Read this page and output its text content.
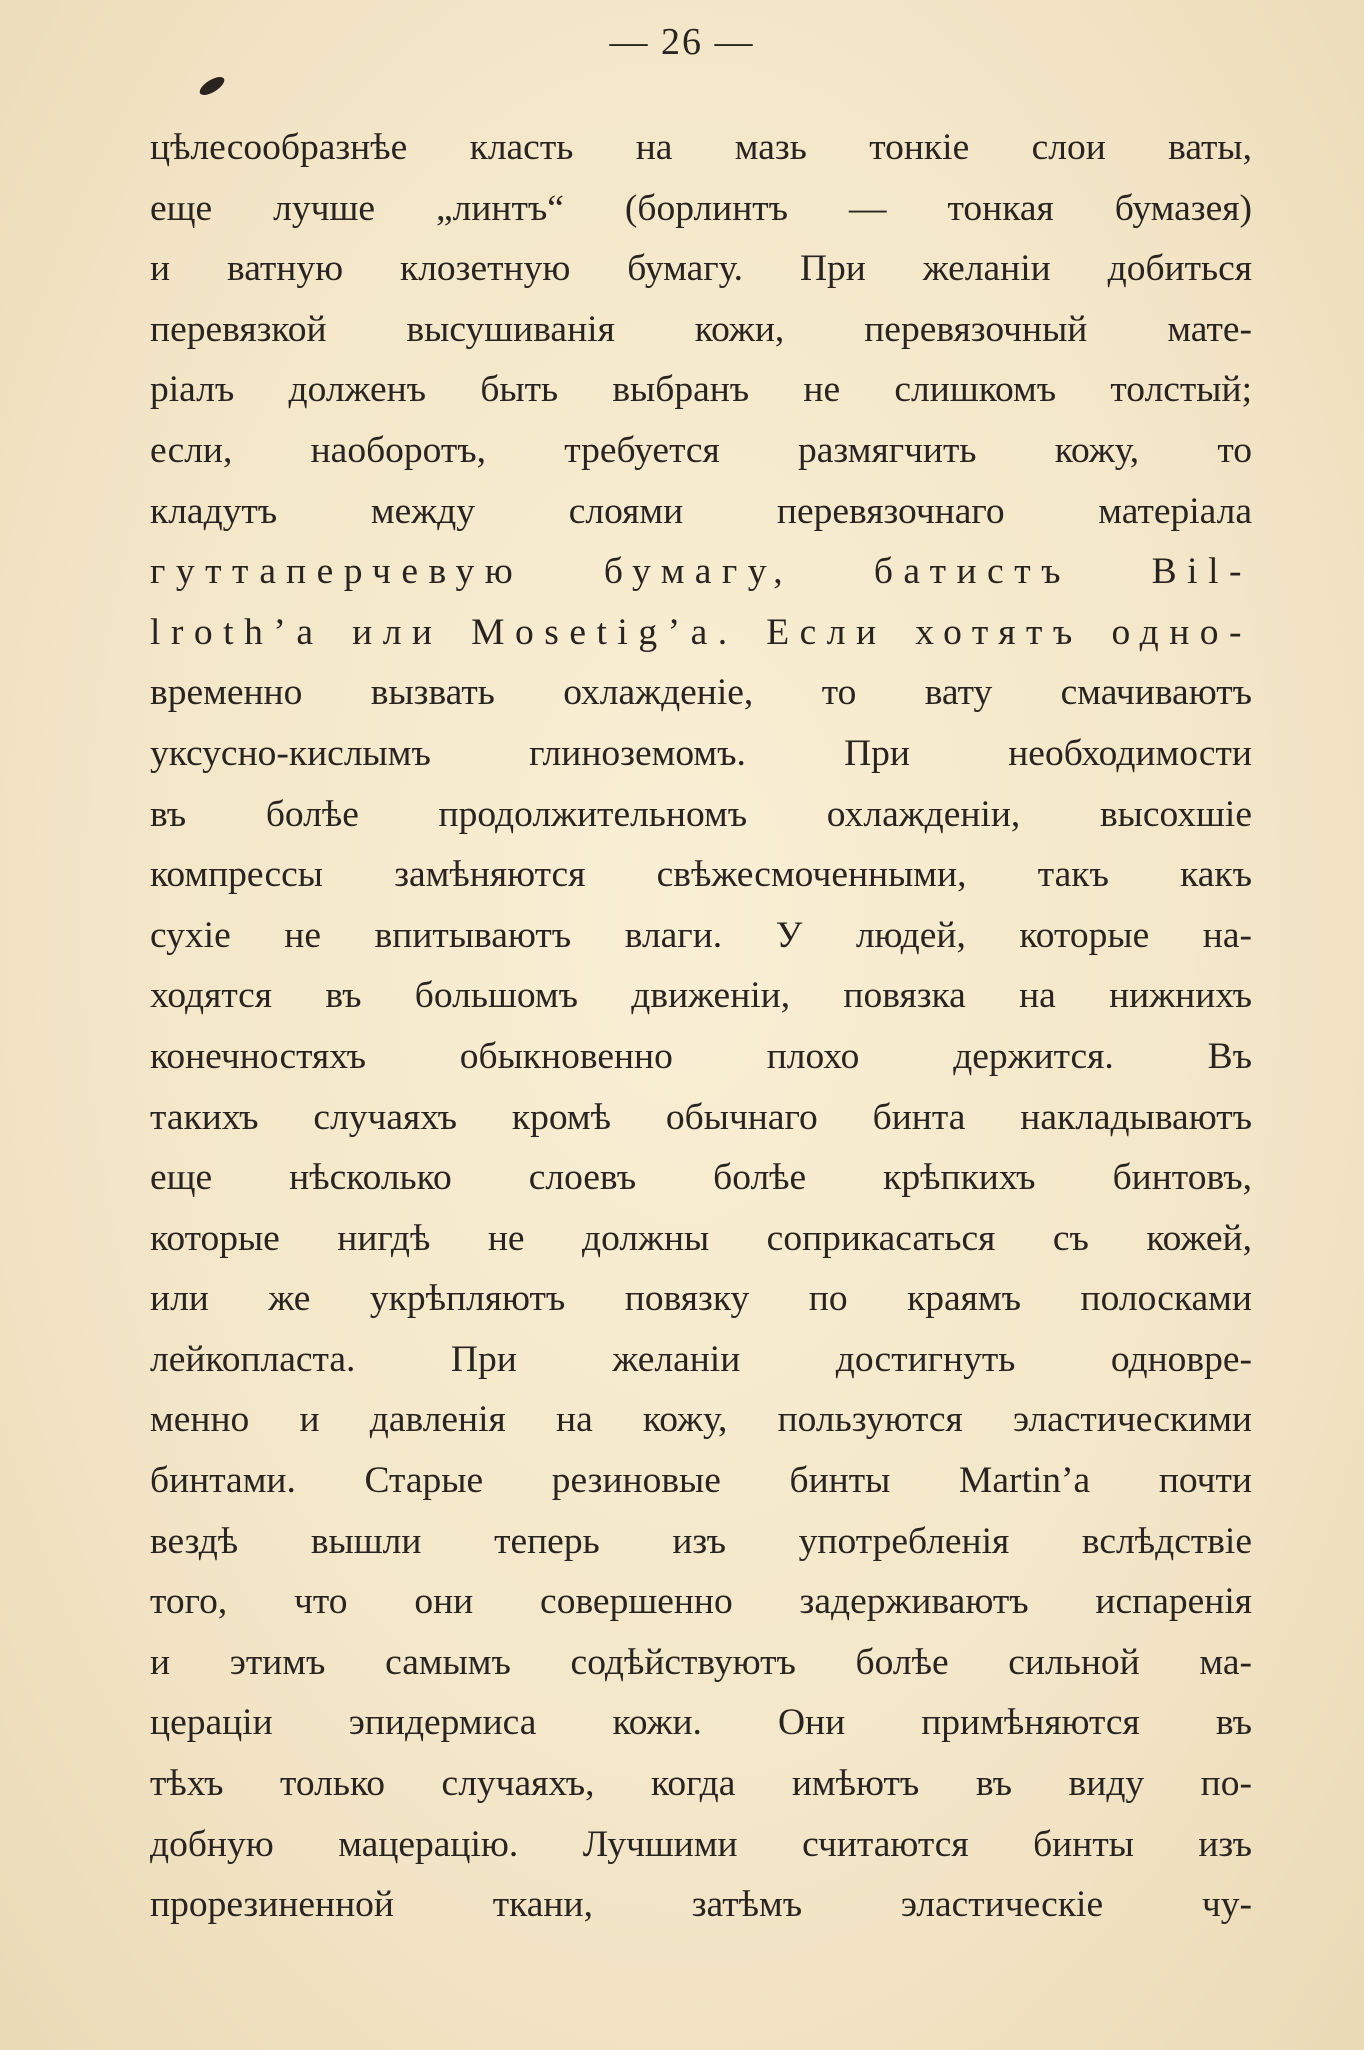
— 26 —
цѣлесообразнѣе класть на мазь тонкіе слои ваты,
еще лучше „линтъ“ (борлинтъ — тонкая бумазея)
и ватную клозетную бумагу. При желаніи добиться
перевязкой высушиванія кожи, перевязочный мате-
ріалъ долженъ быть выбранъ не слишкомъ толстый;
если, наоборотъ, требуется размягчить кожу, то
кладутъ между слоями перевязочнаго матеріала
гуттаперчевую бумагу, батистъ Bil-
lroth’а или Mosetig’а. Если хотятъ одно-
временно вызвать охлажденіе, то вату смачиваютъ
уксусно-кислымъ глиноземомъ. При необходимости
въ болѣе продолжительномъ охлажденіи, высохшіе
компрессы замѣняются свѣжесмоченными, такъ какъ
сухіе не впитываютъ влаги. У людей, которые на-
ходятся въ большомъ движеніи, повязка на нижнихъ
конечностяхъ обыкновенно плохо держится. Въ
такихъ случаяхъ кромѣ обычнаго бинта накладываютъ
еще нѣсколько слоевъ болѣе крѣпкихъ бинтовъ,
которые нигдѣ не должны соприкасаться съ кожей,
или же укрѣпляютъ повязку по краямъ полосками
лейкопласта. При желаніи достигнуть одновре-
менно и давленія на кожу, пользуются эластическими
бинтами. Старые резиновые бинты Martin’а почти
вездѣ вышли теперь изъ употребленія вслѣдствіе
того, что они совершенно задерживаютъ испаренія
и этимъ самымъ содѣйствуютъ болѣе сильной ма-
цераціи эпидермиса кожи. Они примѣняются въ
тѣхъ только случаяхъ, когда имѣютъ въ виду по-
добную мацерацію. Лучшими считаются бинты изъ
прорезиненной ткани, затѣмъ эластическіе чу-
